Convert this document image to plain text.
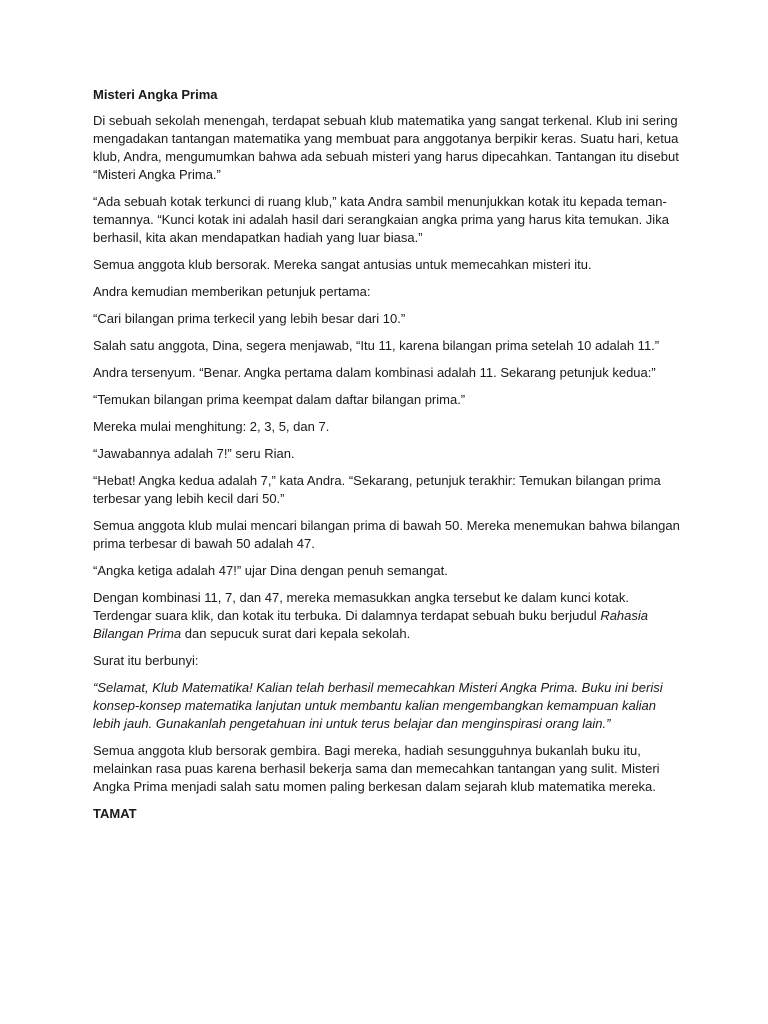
Misteri Angka Prima

Di sebuah sekolah menengah, terdapat sebuah klub matematika yang sangat terkenal. Klub ini sering mengadakan tantangan matematika yang membuat para anggotanya berpikir keras. Suatu hari, ketua klub, Andra, mengumumkan bahwa ada sebuah misteri yang harus dipecahkan. Tantangan itu disebut “Misteri Angka Prima.”

“Ada sebuah kotak terkunci di ruang klub,” kata Andra sambil menunjukkan kotak itu kepada teman-temannya. “Kunci kotak ini adalah hasil dari serangkaian angka prima yang harus kita temukan. Jika berhasil, kita akan mendapatkan hadiah yang luar biasa.”

Semua anggota klub bersorak. Mereka sangat antusias untuk memecahkan misteri itu.

Andra kemudian memberikan petunjuk pertama:

“Cari bilangan prima terkecil yang lebih besar dari 10.”

Salah satu anggota, Dina, segera menjawab, “Itu 11, karena bilangan prima setelah 10 adalah 11.”

Andra tersenyum. “Benar. Angka pertama dalam kombinasi adalah 11. Sekarang petunjuk kedua:”

“Temukan bilangan prima keempat dalam daftar bilangan prima.”

Mereka mulai menghitung: 2, 3, 5, dan 7.

“Jawabannya adalah 7!” seru Rian.

“Hebat! Angka kedua adalah 7,” kata Andra. “Sekarang, petunjuk terakhir: Temukan bilangan prima terbesar yang lebih kecil dari 50.”

Semua anggota klub mulai mencari bilangan prima di bawah 50. Mereka menemukan bahwa bilangan prima terbesar di bawah 50 adalah 47.

“Angka ketiga adalah 47!” ujar Dina dengan penuh semangat.

Dengan kombinasi 11, 7, dan 47, mereka memasukkan angka tersebut ke dalam kunci kotak. Terdengar suara klik, dan kotak itu terbuka. Di dalamnya terdapat sebuah buku berjudul Rahasia Bilangan Prima dan sepucuk surat dari kepala sekolah.

Surat itu berbunyi:

“Selamat, Klub Matematika! Kalian telah berhasil memecahkan Misteri Angka Prima. Buku ini berisi konsep-konsep matematika lanjutan untuk membantu kalian mengembangkan kemampuan kalian lebih jauh. Gunakanlah pengetahuan ini untuk terus belajar dan menginspirasi orang lain.”

Semua anggota klub bersorak gembira. Bagi mereka, hadiah sesungguhnya bukanlah buku itu, melainkan rasa puas karena berhasil bekerja sama dan memecahkan tantangan yang sulit. Misteri Angka Prima menjadi salah satu momen paling berkesan dalam sejarah klub matematika mereka.

TAMAT
